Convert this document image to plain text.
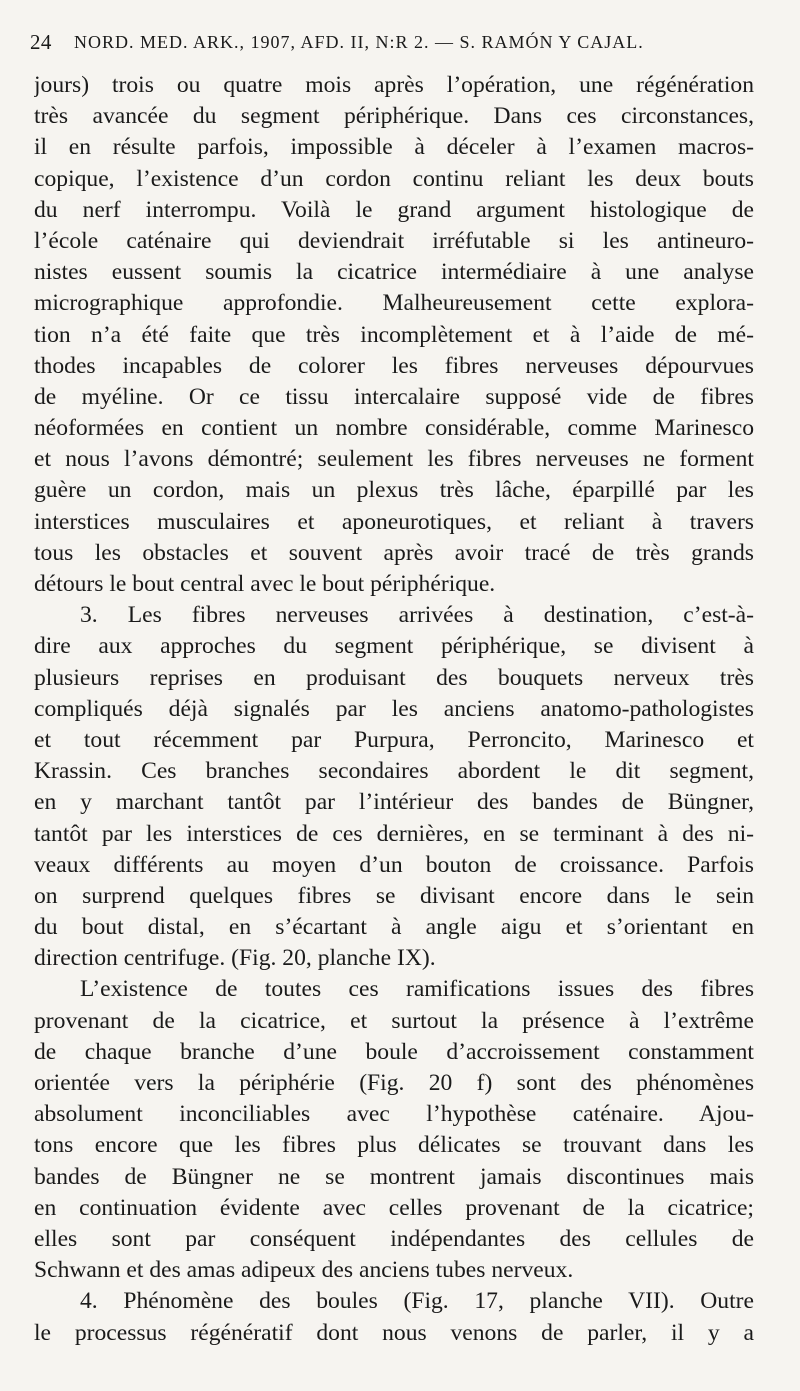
24 NORD. MED. ARK., 1907, AFD. II, N:R 2. — S. RAMÓN Y CAJAL.
jours) trois ou quatre mois après l’opération, une régénération
très avancée du segment périphérique. Dans ces circonstances,
il en résulte parfois, impossible à déceler à l’examen macros-
copique, l’existence d’un cordon continu reliant les deux bouts
du nerf interrompu. Voilà le grand argument histologique de
l’école caténaire qui deviendrait irréfutable si les antineuro-
nistes eussent soumis la cicatrice intermédiaire à une analyse
micrographique approfondie. Malheureusement cette explora-
tion n’a été faite que très incomplètement et à l’aide de mé-
thodes incapables de colorer les fibres nerveuses dépourvues
de myéline. Or ce tissu intercalaire supposé vide de fibres
néoformées en contient un nombre considérable, comme Marinesco
et nous l’avons démontré; seulement les fibres nerveuses ne forment
guère un cordon, mais un plexus très lâche, éparpillé par les
interstices musculaires et aponeurotiques, et reliant à travers
tous les obstacles et souvent après avoir tracé de très grands
détours le bout central avec le bout périphérique.
3. Les fibres nerveuses arrivées à destination, c’est-à-
dire aux approches du segment périphérique, se divisent à
plusieurs reprises en produisant des bouquets nerveux très
compliqués déjà signalés par les anciens anatomo-pathologistes
et tout récemment par Purpura, Perroncito, Marinesco et
Krassin. Ces branches secondaires abordent le dit segment,
en y marchant tantôt par l’intérieur des bandes de Büngner,
tantôt par les interstices de ces dernières, en se terminant à des ni-
veaux différents au moyen d’un bouton de croissance. Parfois
on surprend quelques fibres se divisant encore dans le sein
du bout distal, en s’écartant à angle aigu et s’orientant en
direction centrifuge. (Fig. 20, planche IX).
L’existence de toutes ces ramifications issues des fibres
provenant de la cicatrice, et surtout la présence à l’extrême
de chaque branche d’une boule d’accroissement constamment
orientée vers la périphérie (Fig. 20 f) sont des phénomènes
absolument inconciliables avec l’hypothèse caténaire. Ajou-
tons encore que les fibres plus délicates se trouvant dans les
bandes de Büngner ne se montrent jamais discontinues mais
en continuation évidente avec celles provenant de la cicatrice;
elles sont par conséquent indépendantes des cellules de
Schwann et des amas adipeux des anciens tubes nerveux.
4. Phénomène des boules (Fig. 17, planche VII). Outre
le processus régénératif dont nous venons de parler, il y a
